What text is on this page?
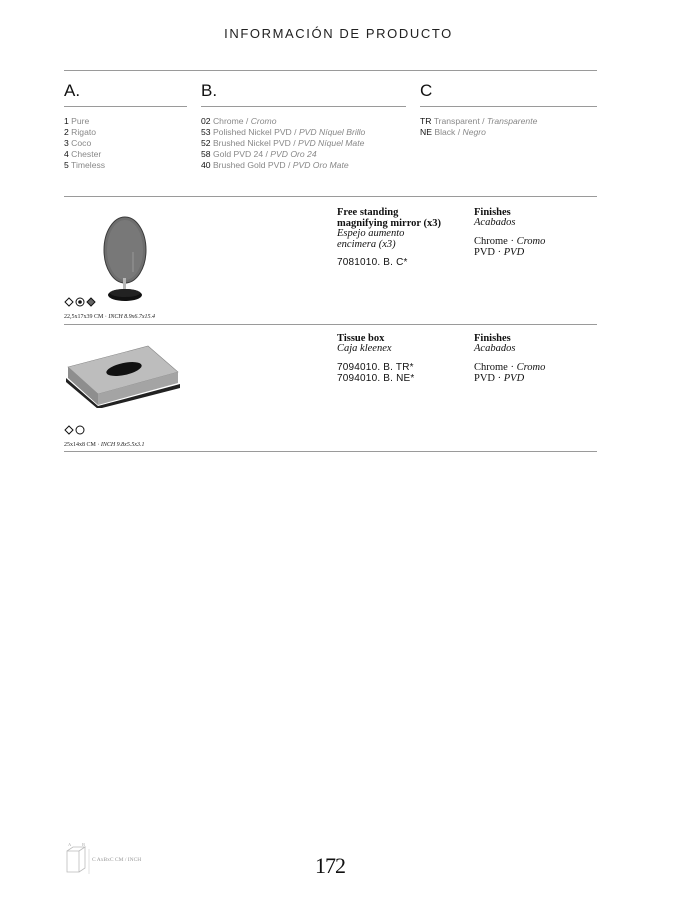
INFORMACIÓN DE PRODUCTO
A.
1 Pure
2 Rigato
3 Coco
4 Chester
5 Timeless
B.
02 Chrome / Cromo
53 Polished Nickel PVD / PVD Níquel Brillo
52 Brushed Nickel PVD / PVD Níquel Mate
58 Gold PVD 24 / PVD Oro 24
40 Brushed Gold PVD / PVD Oro Mate
C
TR Transparent / Transparente
NE Black / Negro
22,5x17x39 CM · INCH 8.9x6.7x15.4
Free standing
magnifying mirror (x3)
Espejo aumento
encimera (x3)
7081010. B. C*
Finishes
Acabados
Chrome · Cromo
PVD · PVD
25x14x8 CM · INCH 9.8x5.5x3.1
Tissue box
Caja kleenex
7094010. B. TR*
7094010. B. NE*
Finishes
Acabados
Chrome · Cromo
PVD · PVD
A B
C AxBxC CM / INCH	172
